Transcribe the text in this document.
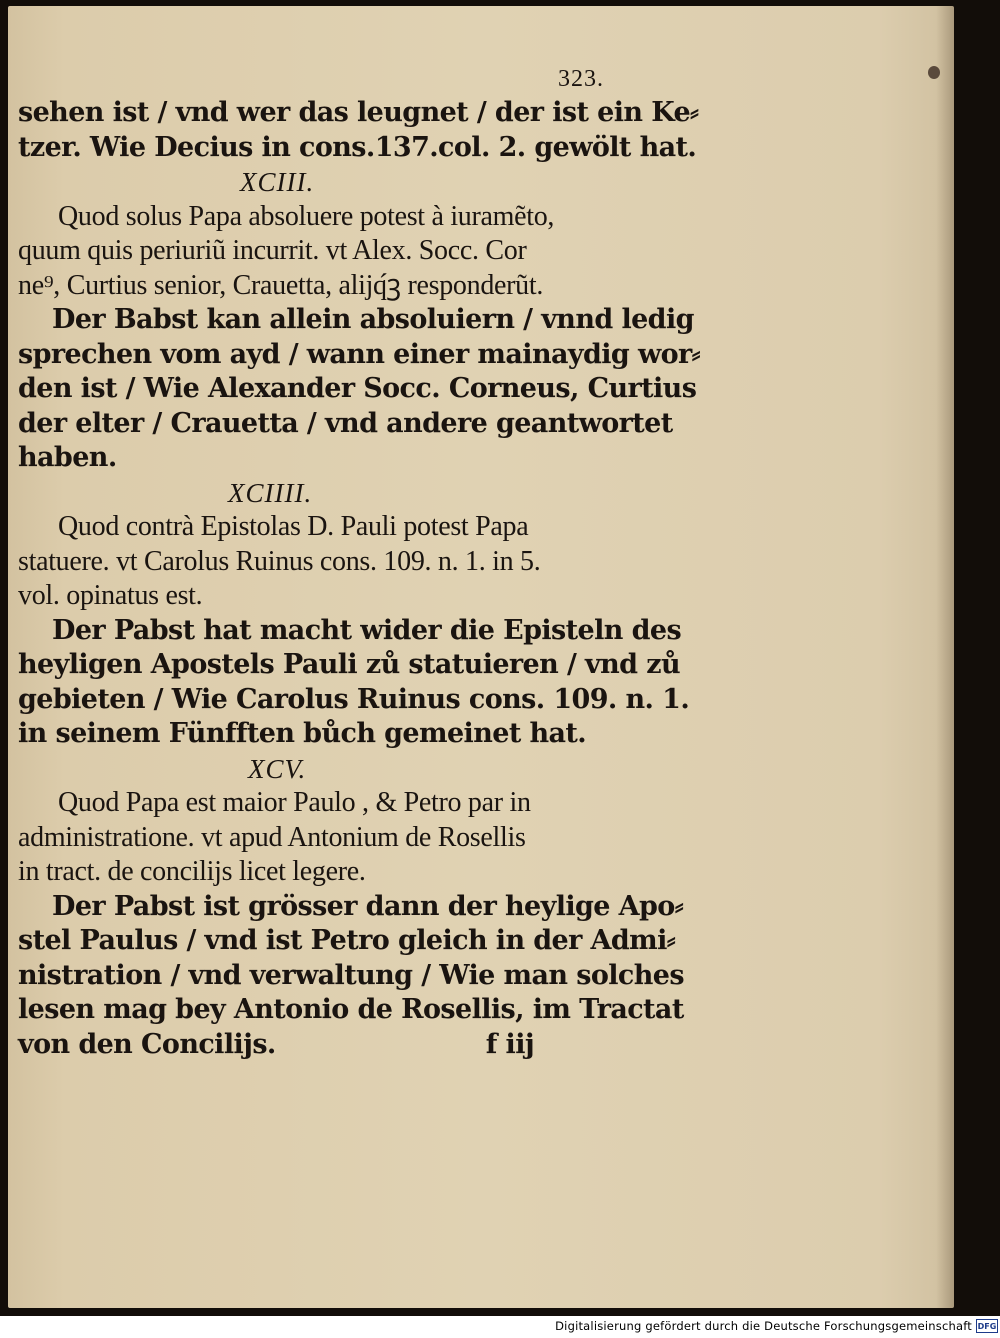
323.
sehen ist / vnd wer das leugnet / der ist ein Ke⸗
tzer. Wie Decius in cons.137.col. 2. gewölt hat.
XCIII.
Quod solus Papa absoluere potest à iuramẽto,
quum quis periuriũ incurrit. vt Alex. Socc. Cor
ne⁹, Curtius senior, Crauetta, alijq́ꝫ responderũt.
Der Babst kan allein absoluiern / vnnd ledig
sprechen vom ayd / wann einer mainaydig wor⸗
den ist / Wie Alexander Socc. Corneus, Curtius
der elter / Crauetta / vnd andere geantwortet
haben.
XCIIII.
Quod contrà Epistolas D. Pauli potest Papa
statuere. vt Carolus Ruinus cons. 109. n. 1. in 5.
vol. opinatus est.
Der Pabst hat macht wider die Episteln des
heyligen Apostels Pauli zů statuieren / vnd zů
gebieten / Wie Carolus Ruinus cons. 109. n. 1.
in seinem Fünfften bůch gemeinet hat.
XCV.
Quod Papa est maior Paulo , & Petro par in
administratione. vt apud Antonium de Rosellis
in tract. de concilijs licet legere.
Der Pabst ist grösser dann der heylige Apo⸗
stel Paulus / vnd ist Petro gleich in der Admi⸗
nistration / vnd verwaltung / Wie man solches
lesen mag bey Antonio de Rosellis, im Tractat
von den Concilijs.	f iij
Digitalisierung gefördert durch die Deutsche Forschungsgemeinschaft DFG
